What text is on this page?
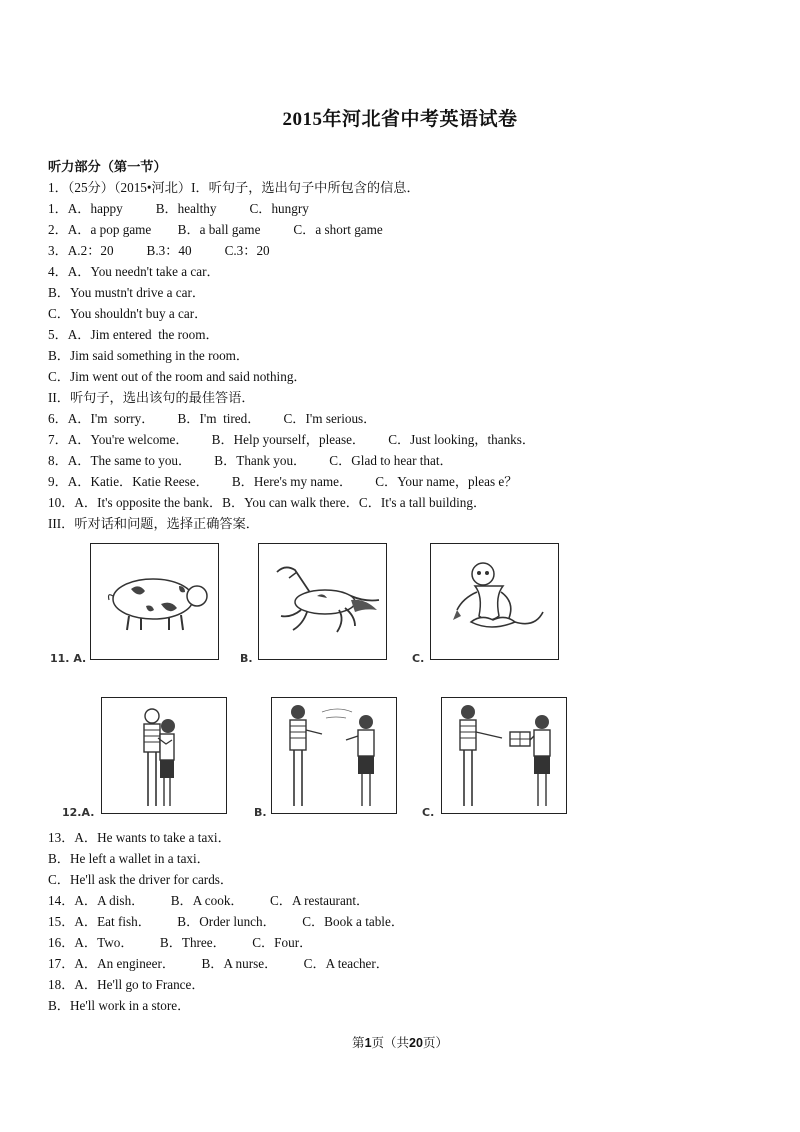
2015年河北省中考英语试卷
听力部分（第一节）
1．（25分）（2015•河北）I．听句子，选出句子中所包含的信息．
1．A．happy          B．healthy          C．hungry
2．A．a pop game        B．a ball game          C．a short game
3．A.2：20          B.3：40          C.3：20
4．A．You needn't take a car．
B．You mustn't drive a car．
C．You shouldn't buy a car．
5．A．Jim entered  the room．
B．Jim said something in the room．
C．Jim went out of the room and said nothing．
II．听句子，选出该句的最佳答语．
6．A．I'm  sorry．       B．I'm  tired．       C．I'm serious．
7．A．You're welcome．       B．Help yourself，please．       C．Just looking，thanks．
8．A．The same to you．       B．Thank you．       C．Glad to hear that．
9．A．Katie．Katie Reese．       B．Here's my name．       C．Your name，pleas e？
10．A．It's opposite the bank．B．You can walk there．C．It's a tall building．
III．听对话和问题，选择正确答案．
11. A.	B.	C.
12.A.	B.	C.
13．A．He wants to take a taxi．
B．He left a wallet in a taxi．
C．He'll ask the driver for cards．
14．A．A dish．        B．A cook．        C．A restaurant．
15．A．Eat fish．        B．Order lunch．        C．Book a table．
16．A．Two．        B．Three．        C．Four．
17．A．An engineer．        B．A nurse．        C．A teacher．
18．A．He'll go to France．
B．He'll work in a store．
第1页（共20页）
